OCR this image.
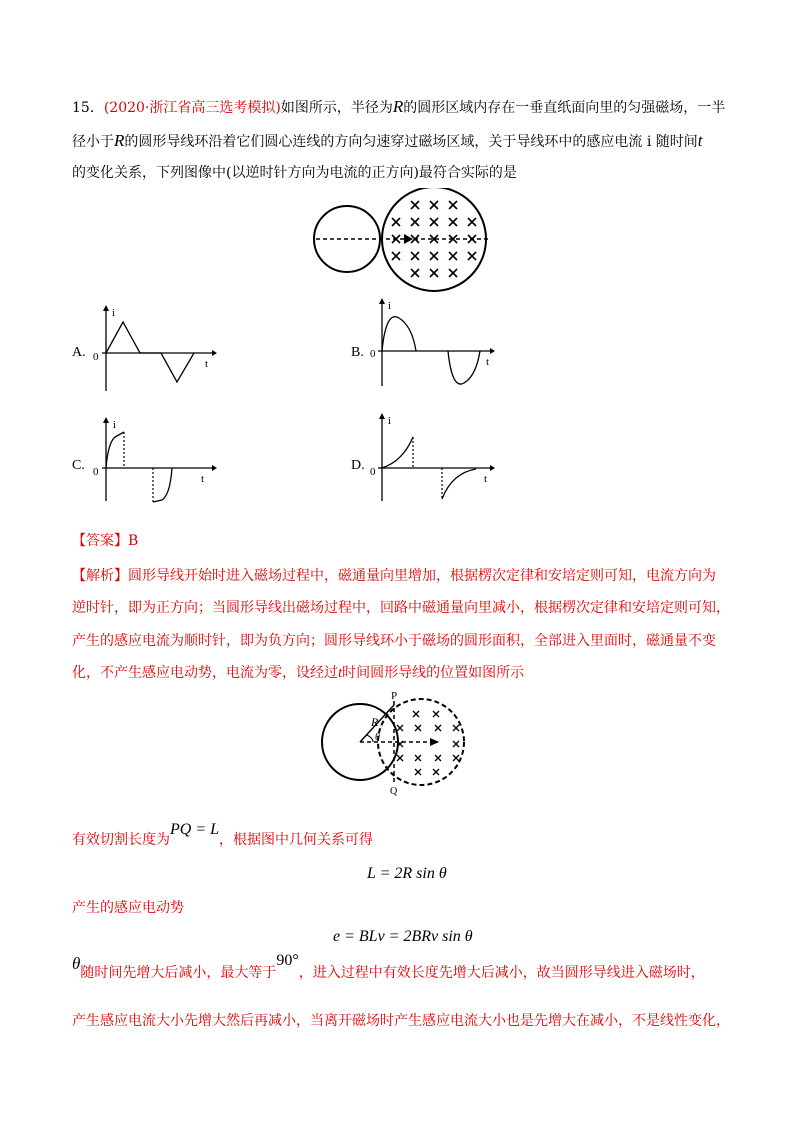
15．(2020·浙江省高三选考模拟)如图所示，半径为R的圆形区域内存在一垂直纸面向里的匀强磁场，一半
径小于R的圆形导线环沿着它们圆心连线的方向匀速穿过磁场区域，关于导线环中的感应电流 i 随时间t
的变化关系，下列图像中(以逆时针方向为电流的正方向)最符合实际的是
A.
i
0
t
B.
i
0
t
C.
i
0
t
D.
i
0
t
【答案】B
【解析】圆形导线开始时进入磁场过程中，磁通量向里增加，根据楞次定律和安培定则可知，电流方向为
逆时针，即为正方向；当圆形导线出磁场过程中，回路中磁通量向里减小，根据楞次定律和安培定则可知，
产生的感应电流为顺时针，即为负方向；圆形导线环小于磁场的圆形面积，全部进入里面时，磁通量不变
化，不产生感应电动势，电流为零，设经过t时间圆形导线的位置如图所示
P
R
θ
Q
有效切割长度为PQ = L，根据图中几何关系可得
L = 2R sin θ
产生的感应电动势
e = BLv = 2BRv sin θ
θ随时间先增大后减小，最大等于90°，进入过程中有效长度先增大后减小，故当圆形导线进入磁场时，
产生感应电流大小先增大然后再减小，当离开磁场时产生感应电流大小也是先增大在减小，不是线性变化，
